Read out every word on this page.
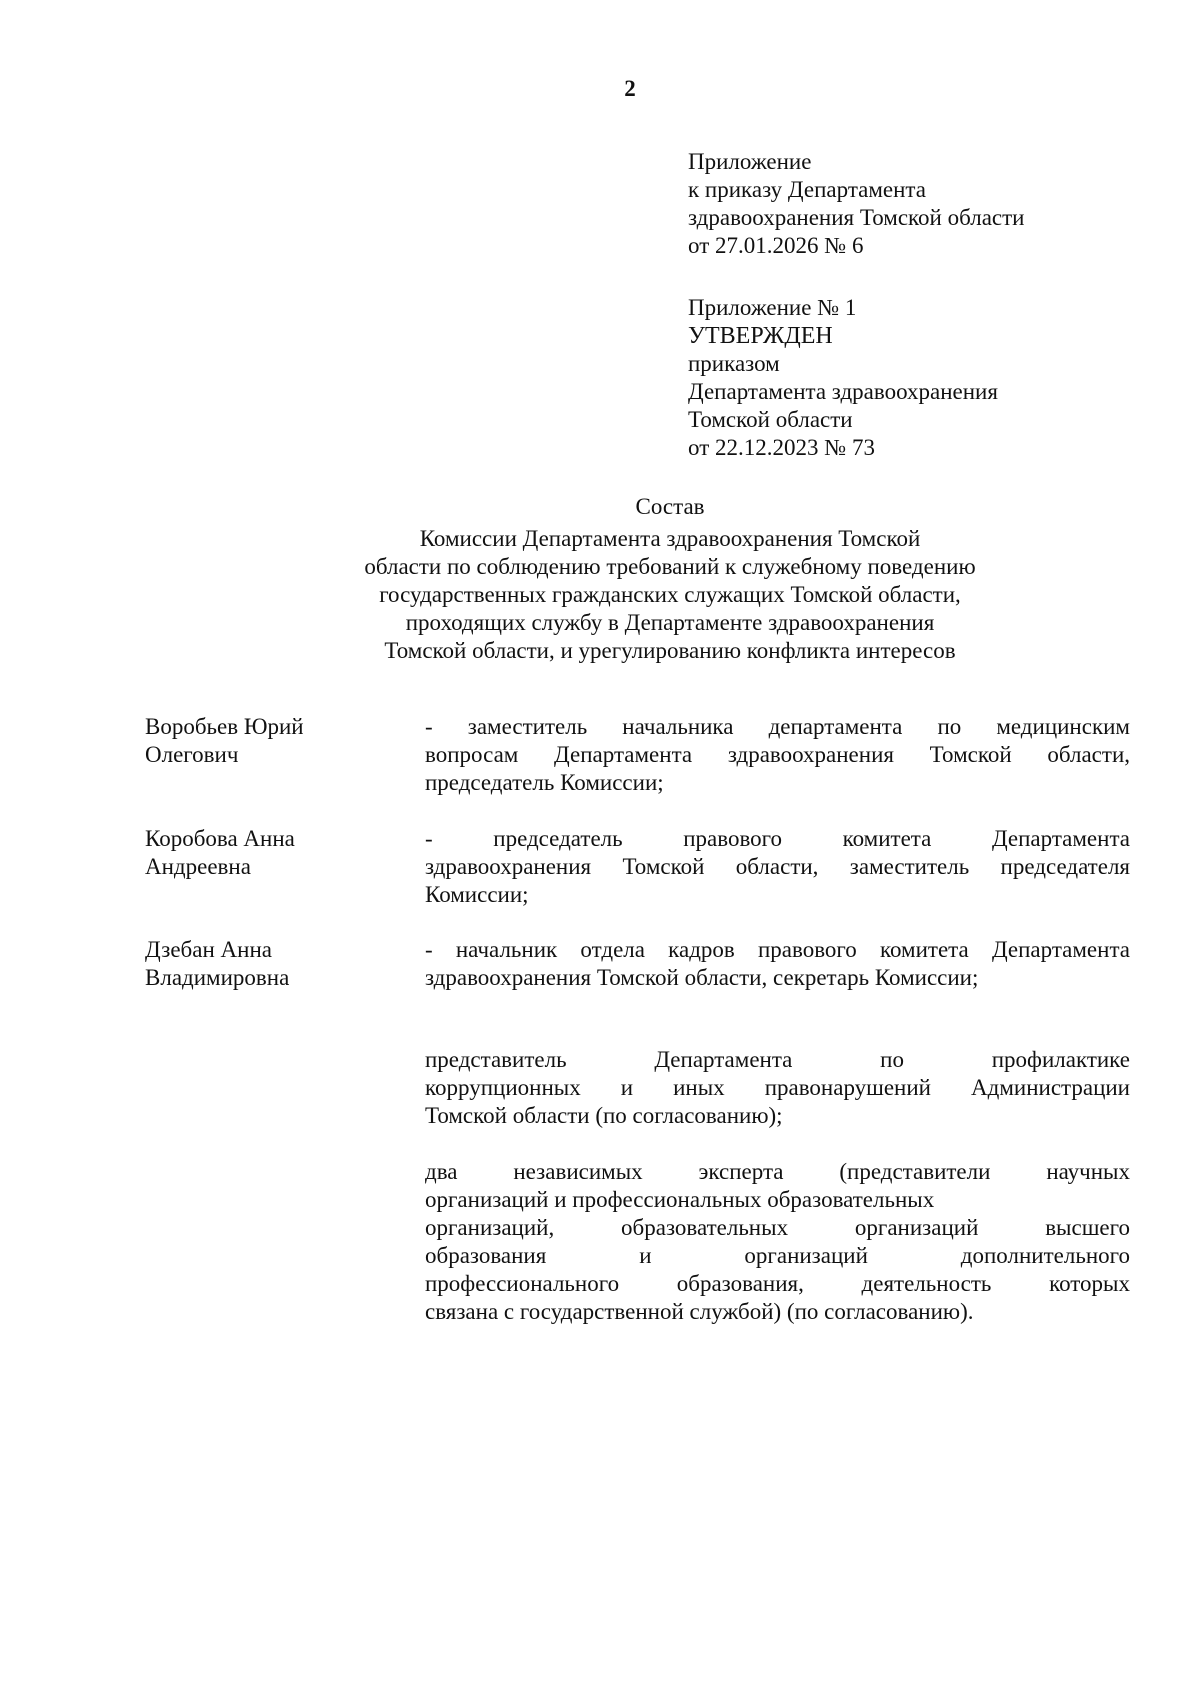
2
Приложение
к приказу Департамента
здравоохранения Томской области
от 27.01.2026 № 6
Приложение № 1
УТВЕРЖДЕН
приказом
Департамента здравоохранения
Томской области
от 22.12.2023 № 73
Состав
Комиссии Департамента здравоохранения Томской
области по соблюдению требований к служебному поведению
государственных гражданских служащих Томской области,
проходящих службу в Департаменте здравоохранения
Томской области, и урегулированию конфликта интересов
Воробьев Юрий
Олегович
- заместитель начальника департамента по медицинским
вопросам Департамента здравоохранения Томской области,
председатель Комиссии;
Коробова Анна
Андреевна
- председатель правового комитета Департамента
здравоохранения Томской области, заместитель председателя
Комиссии;
Дзебан Анна
Владимировна
- начальник отдела кадров правового комитета Департамента
здравоохранения Томской области, секретарь Комиссии;
представитель Департамента по профилактике
коррупционных и иных правонарушений Администрации
Томской области (по согласованию);
два независимых эксперта (представители научных
организаций и профессиональных образовательных
организаций, образовательных организаций высшего
образования и организаций дополнительного
профессионального образования, деятельность которых
связана с государственной службой) (по согласованию).
